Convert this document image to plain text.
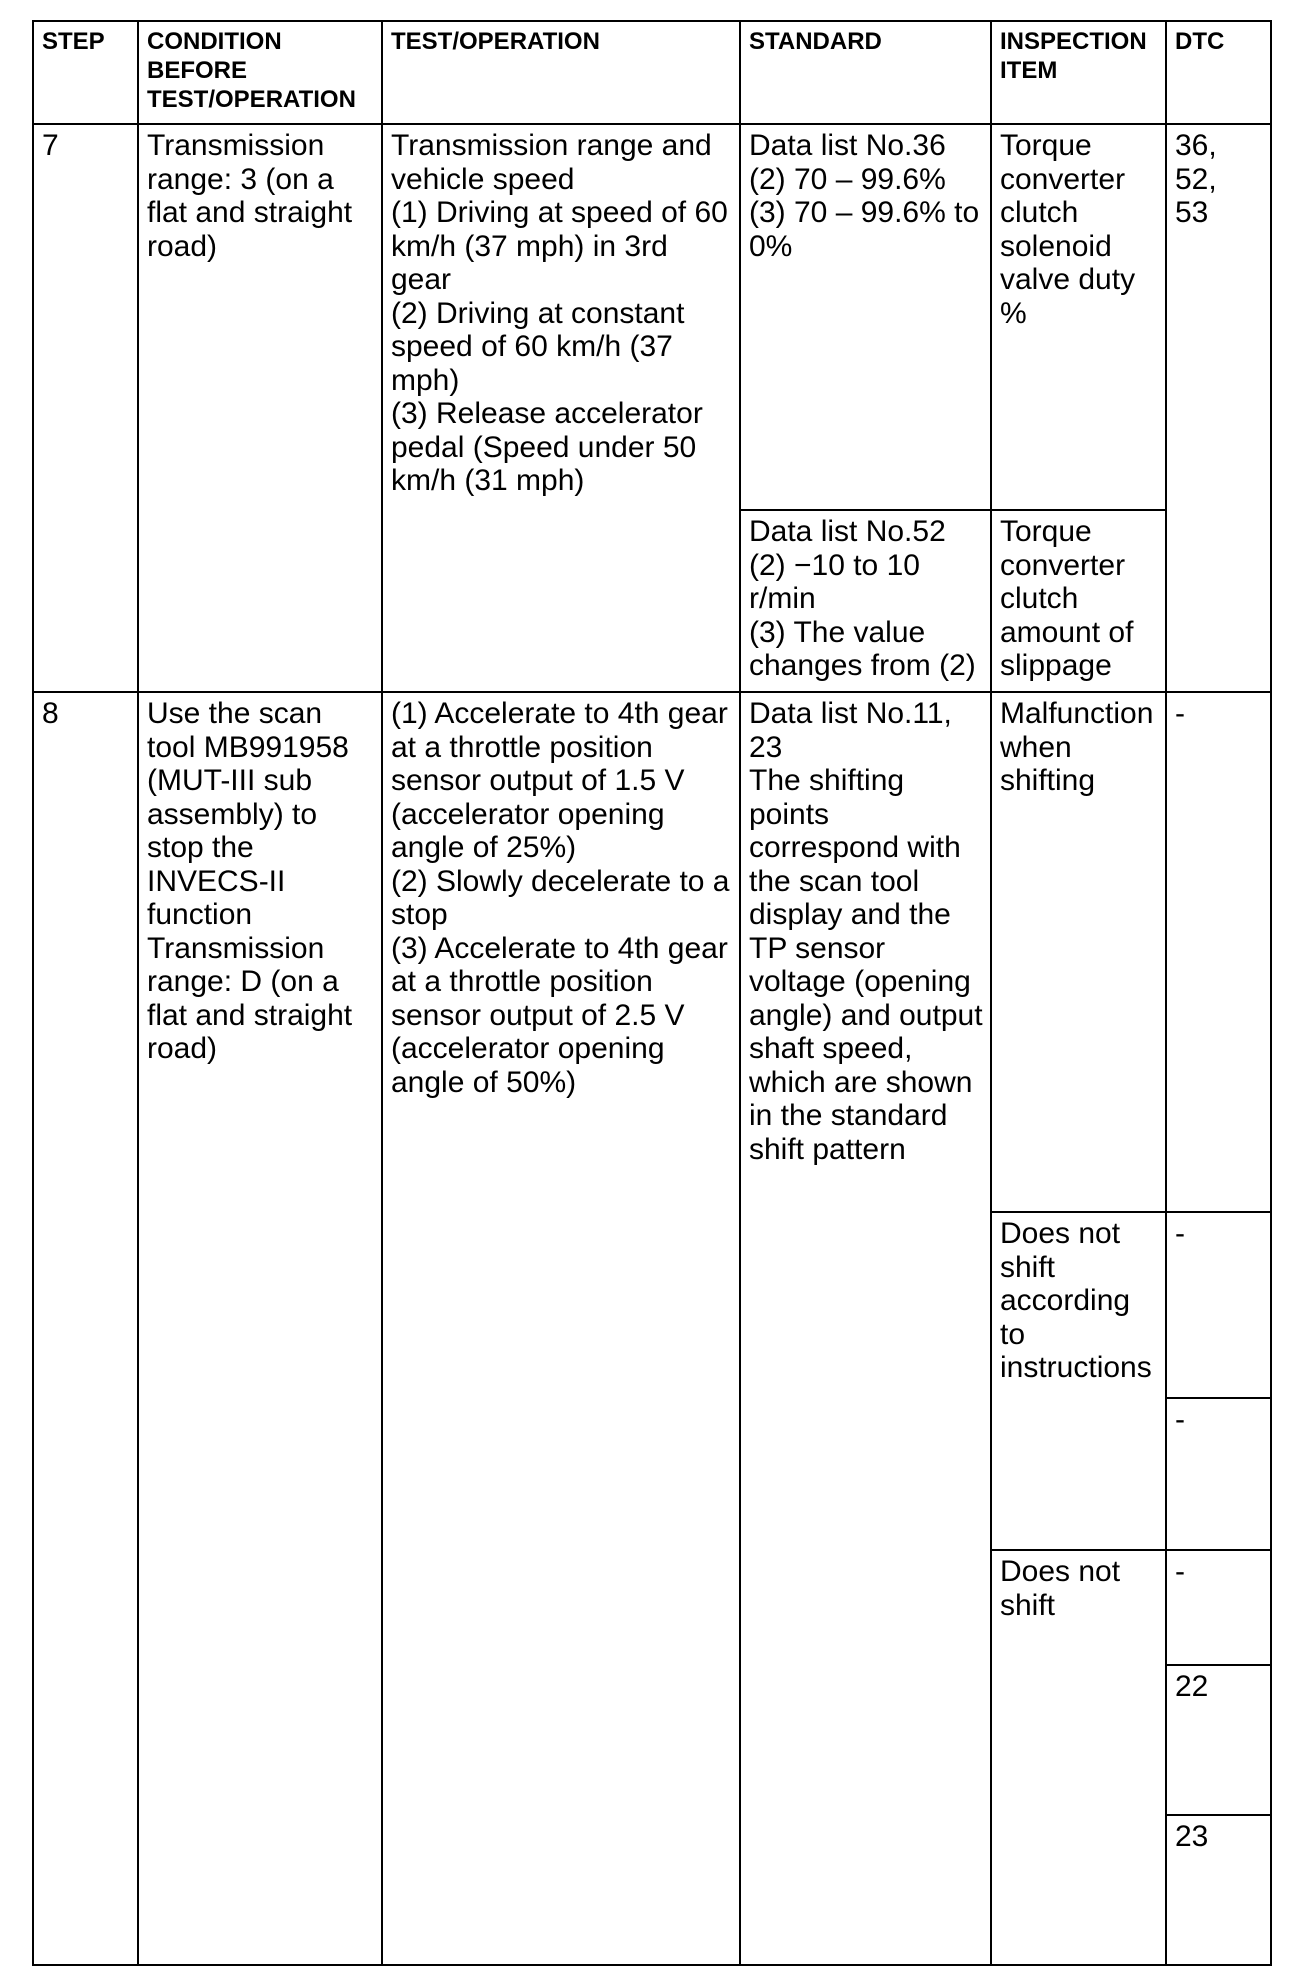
STEP	CONDITION BEFORE TEST/OPERATION	TEST/OPERATION	STANDARD	INSPECTION ITEM	DTC
7	Transmission range: 3 (on a flat and straight road)	Transmission range and vehicle speed
(1) Driving at speed of 60 km/h (37 mph) in 3rd gear
(2) Driving at constant speed of 60 km/h (37 mph)
(3) Release accelerator pedal (Speed under 50 km/h (31 mph)	Data list No.36
(2) 70 – 99.6%
(3) 70 – 99.6% to 0%	Torque converter clutch solenoid valve duty %	36,
52,
53
			Data list No.52
(2) −10 to 10 r/min
(3) The value changes from (2)	Torque converter clutch amount of slippage	
8	Use the scan tool MB991958 (MUT-III sub assembly) to stop the INVECS-II function
Transmission range: D (on a flat and straight road)	(1) Accelerate to 4th gear at a throttle position sensor output of 1.5 V (accelerator opening angle of 25%)
(2) Slowly decelerate to a stop
(3) Accelerate to 4th gear at a throttle position sensor output of 2.5 V (accelerator opening angle of 50%)	Data list No.11, 23
The shifting points correspond with the scan tool display and the TP sensor voltage (opening angle) and output shaft speed, which are shown in the standard shift pattern	Malfunction when shifting	-
				Does not shift according to instructions	-
					-
				Does not shift	-
					22
					23
